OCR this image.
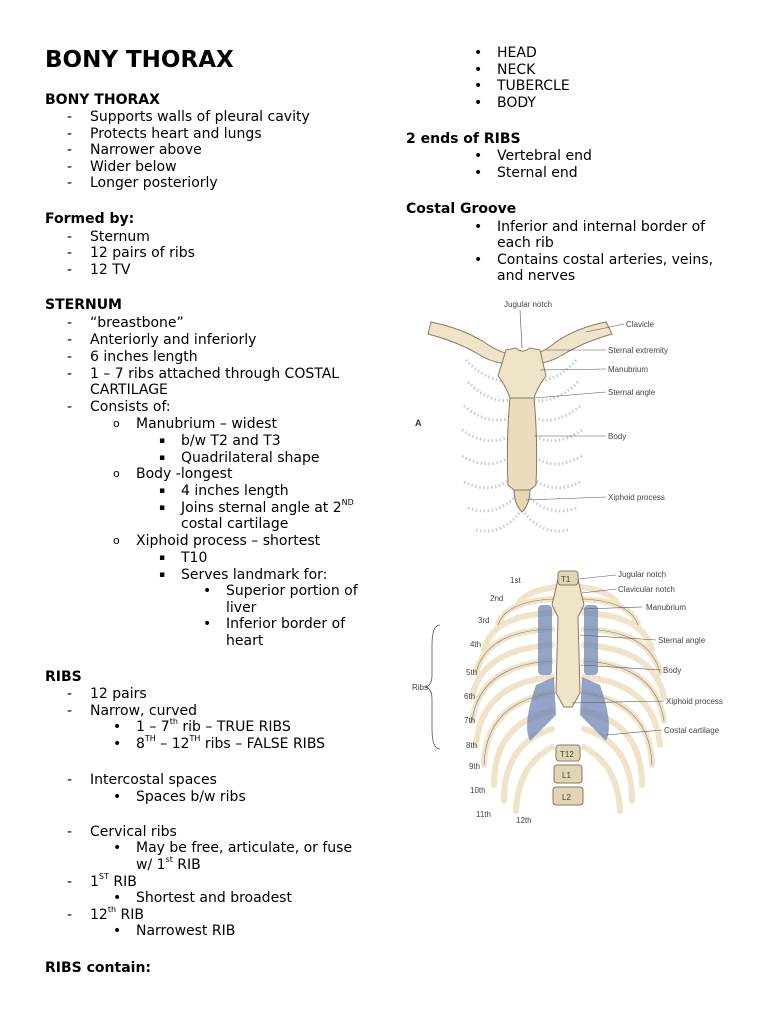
BONY THORAX
BONY THORAX
- Supports walls of pleural cavity
- Protects heart and lungs
- Narrower above
- Wider below
- Longer posteriorly
Formed by:
- Sternum
- 12 pairs of ribs
- 12 TV
STERNUM
- “breastbone”
- Anteriorly and inferiorly
- 6 inches length
- 1 – 7 ribs attached through COSTAL
CARTILAGE
- Consists of:
o Manubrium – widest
▪ b/w T2 and T3
▪ Quadrilateral shape
o Body -longest
▪ 4 inches length
▪ Joins sternal angle at 2ND
costal cartilage
o Xiphoid process – shortest
▪ T10
▪ Serves landmark for:
• Superior portion of
liver
• Inferior border of
heart
RIBS
- 12 pairs
- Narrow, curved
• 1 – 7th rib – TRUE RIBS
• 8TH – 12TH ribs – FALSE RIBS
- Intercostal spaces
• Spaces b/w ribs
- Cervical ribs
• May be free, articulate, or fuse
w/ 1st RIB
- 1ST RIB
• Shortest and broadest
- 12th RIB
• Narrowest RIB
RIBS contain:
• HEAD
• NECK
• TUBERCLE
• BODY
2 ends of RIBS
• Vertebral end
• Sternal end
Costal Groove
• Inferior and internal border of
each rib
• Contains costal arteries, veins,
and nerves
Jugular notch
Clavicle
Sternal extremity
Manubrium
Sternal angle
Body
Xiphoid process
A
T1
T12
L1
L2
Jugular notch
Clavicular notch
Manubrium
Sternal angle
Body
Xiphoid process
Costal cartilage
1st
2nd
3rd
4th
5th
6th
7th
8th
9th
10th
11th
12th
Ribs
